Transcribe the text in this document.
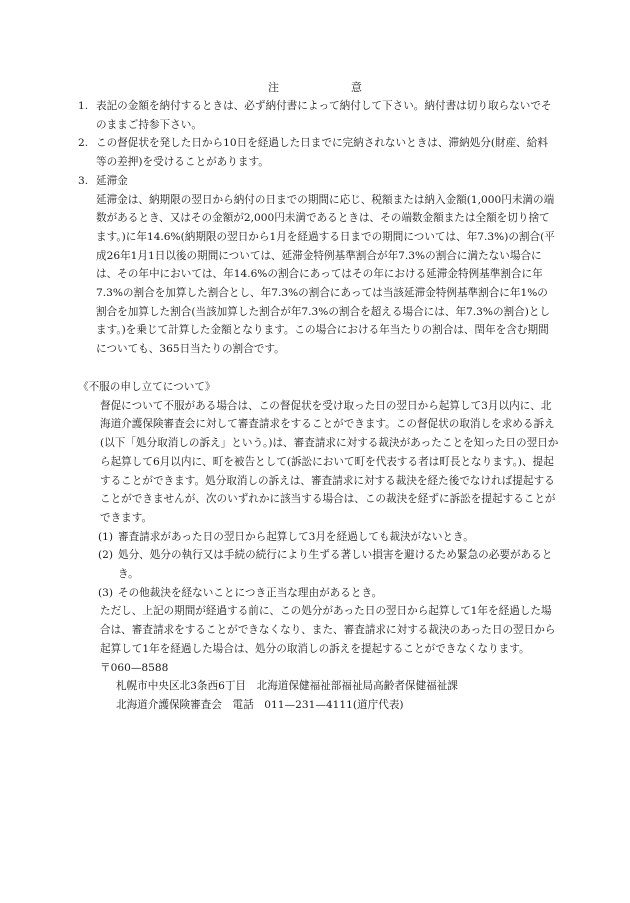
注	意
1. 表記の金額を納付するときは、必ず納付書によって納付して下さい。納付書は切り取らないでそのままご持参下さい。
2. この督促状を発した日から10日を経過した日までに完納されないときは、滞納処分(財産、給料等の差押)を受けることがあります。
3. 延滞金
延滞金は、納期限の翌日から納付の日までの期間に応じ、税額または納入金額(1,000円未満の端数があるとき、又はその金額が2,000円未満であるときは、その端数金額または全額を切り捨てます。)に年14.6%(納期限の翌日から1月を経過する日までの期間については、年7.3%)の割合(平成26年1月1日以後の期間については、延滞金特例基準割合が年7.3%の割合に満たない場合には、その年中においては、年14.6%の割合にあってはその年における延滞金特例基準割合に年7.3%の割合を加算した割合とし、年7.3%の割合にあっては当該延滞金特例基準割合に年1%の割合を加算した割合(当該加算した割合が年7.3%の割合を超える場合には、年7.3%の割合)とします。)を乗じて計算した金額となります。この場合における年当たりの割合は、閏年を含む期間についても、365日当たりの割合です。
《不服の申し立てについて》
督促について不服がある場合は、この督促状を受け取った日の翌日から起算して3月以内に、北海道介護保険審査会に対して審査請求をすることができます。この督促状の取消しを求める訴え(以下「処分取消しの訴え」という。)は、審査請求に対する裁決があったことを知った日の翌日から起算して6月以内に、町を被告として(訴訟において町を代表する者は町長となります。)、提起することができます。処分取消しの訴えは、審査請求に対する裁決を経た後でなければ提起することができませんが、次のいずれかに該当する場合は、この裁決を経ずに訴訟を提起することができます。
(1) 審査請求があった日の翌日から起算して3月を経過しても裁決がないとき。
(2) 処分、処分の執行又は手続の続行により生ずる著しい損害を避けるため緊急の必要があるとき。
(3) その他裁決を経ないことにつき正当な理由があるとき。
ただし、上記の期間が経過する前に、この処分があった日の翌日から起算して1年を経過した場合は、審査請求をすることができなくなり、また、審査請求に対する裁決のあった日の翌日から起算して1年を経過した場合は、処分の取消しの訴えを提起することができなくなります。
〒060—8588
札幌市中央区北3条西6丁目　北海道保健福祉部福祉局高齢者保健福祉課
北海道介護保険審査会　電話　011—231—4111(道庁代表)
